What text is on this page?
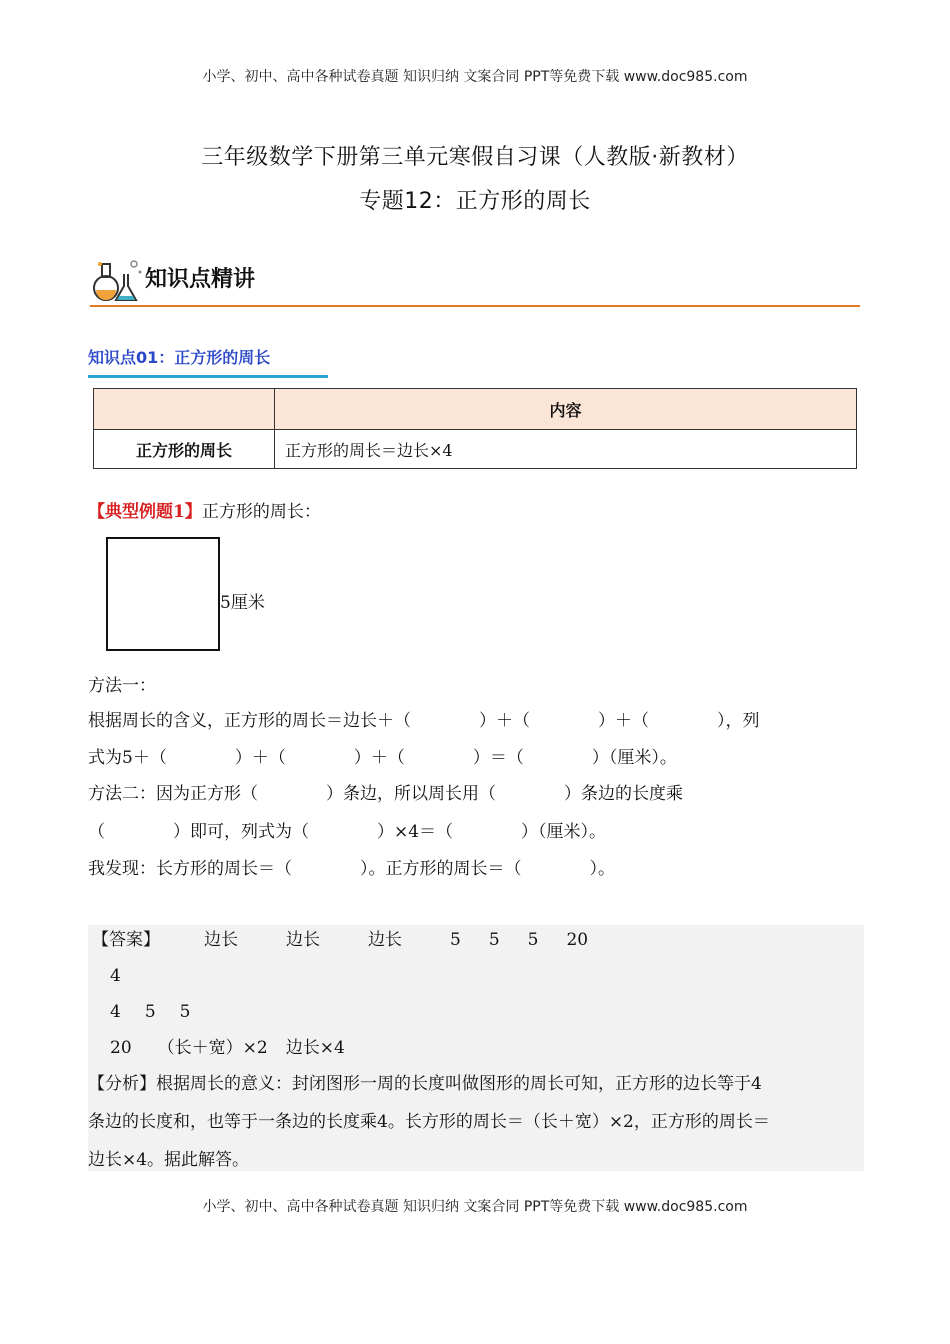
小学、初中、高中各种试卷真题 知识归纳 文案合同 PPT等免费下载 www.doc985.com
三年级数学下册第三单元寒假自习课（人教版·新教材）
专题12：正方形的周长
知识点精讲
知识点01：正方形的周长
	内容
正方形的周长	正方形的周长＝边长×4
【典型例题1】正方形的周长：
5厘米
方法一：
根据周长的含义，正方形的周长＝边长＋（　　　　）＋（　　　　）＋（　　　　），列
式为5＋（　　　　）＋（　　　　）＋（　　　　）＝（　　　　）（厘米）。
方法二：因为正方形（　　　　）条边，所以周长用（　　　　）条边的长度乘
（　　　　）即可，列式为（　　　　）×4＝（　　　　）（厘米）。
我发现：长方形的周长＝（　　　　）。正方形的周长＝（　　　　）。
【答案】	边长	边长	边长	5 5 5 20
4
4 5 5
20 （长＋宽）×2 边长×4
【分析】根据周长的意义：封闭图形一周的长度叫做图形的周长可知，正方形的边长等于4
条边的长度和，也等于一条边的长度乘4。长方形的周长＝（长＋宽）×2，正方形的周长＝
边长×4。据此解答。
小学、初中、高中各种试卷真题 知识归纳 文案合同 PPT等免费下载 www.doc985.com
